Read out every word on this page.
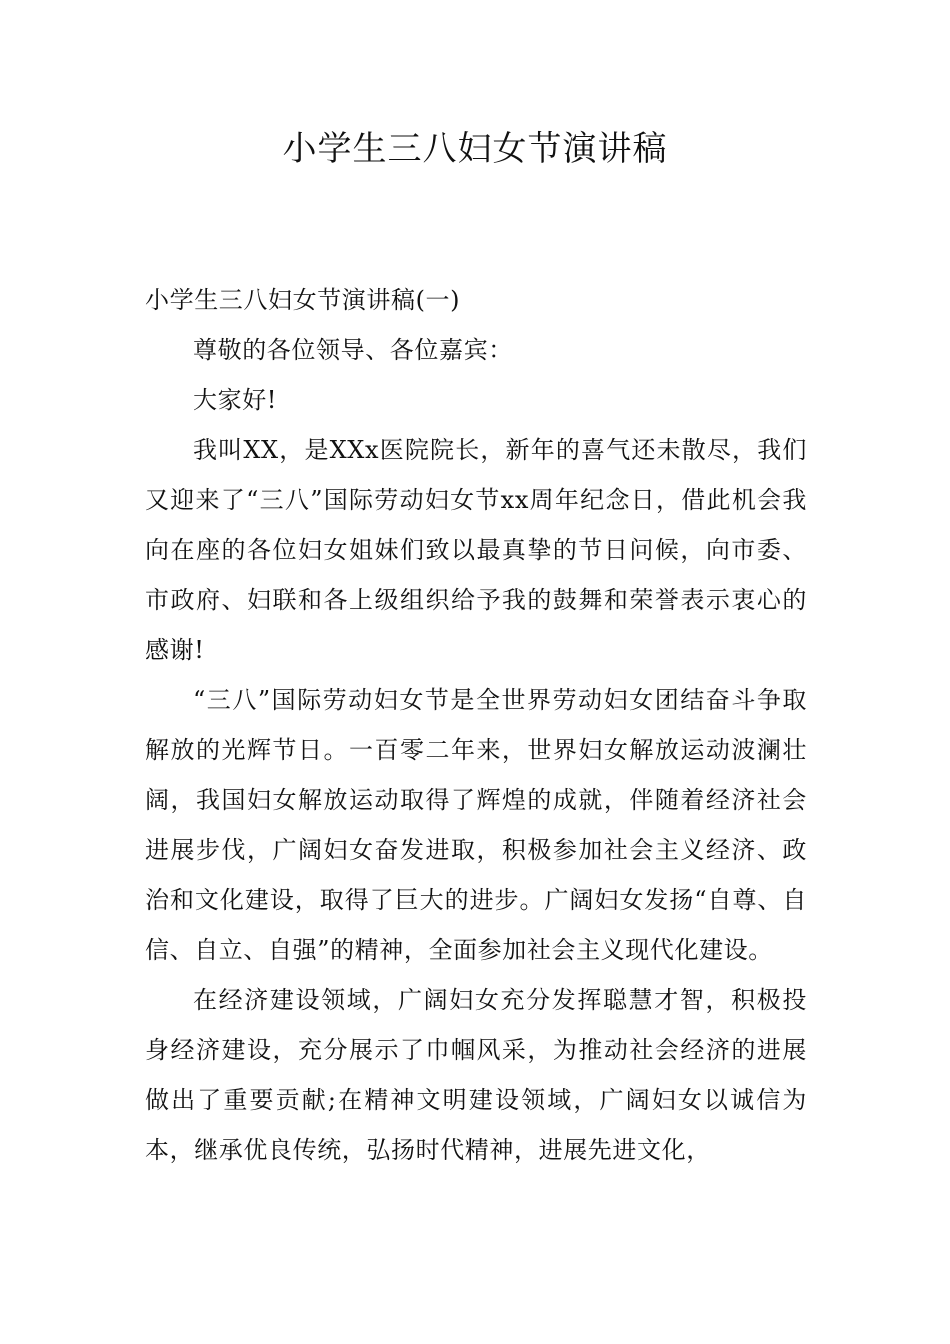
小学生三八妇女节演讲稿
小学生三八妇女节演讲稿(一)

尊敬的各位领导、各位嘉宾：

大家好!

我叫XX，是XXx医院院长，新年的喜气还未散尽，我们又迎来了“三八”国际劳动妇女节xx周年纪念日，借此机会我向在座的各位妇女姐妹们致以最真挚的节日问候，向市委、市政府、妇联和各上级组织给予我的鼓舞和荣誉表示衷心的感谢!

“三八”国际劳动妇女节是全世界劳动妇女团结奋斗争取解放的光辉节日。一百零二年来，世界妇女解放运动波澜壮阔，我国妇女解放运动取得了辉煌的成就，伴随着经济社会进展步伐，广阔妇女奋发进取，积极参加社会主义经济、政治和文化建设，取得了巨大的进步。广阔妇女发扬“自尊、自信、自立、自强”的精神，全面参加社会主义现代化建设。

在经济建设领域，广阔妇女充分发挥聪慧才智，积极投身经济建设，充分展示了巾帼风采，为推动社会经济的进展做出了重要贡献;在精神文明建设领域，广阔妇女以诚信为本，继承优良传统，弘扬时代精神，进展先进文化，
